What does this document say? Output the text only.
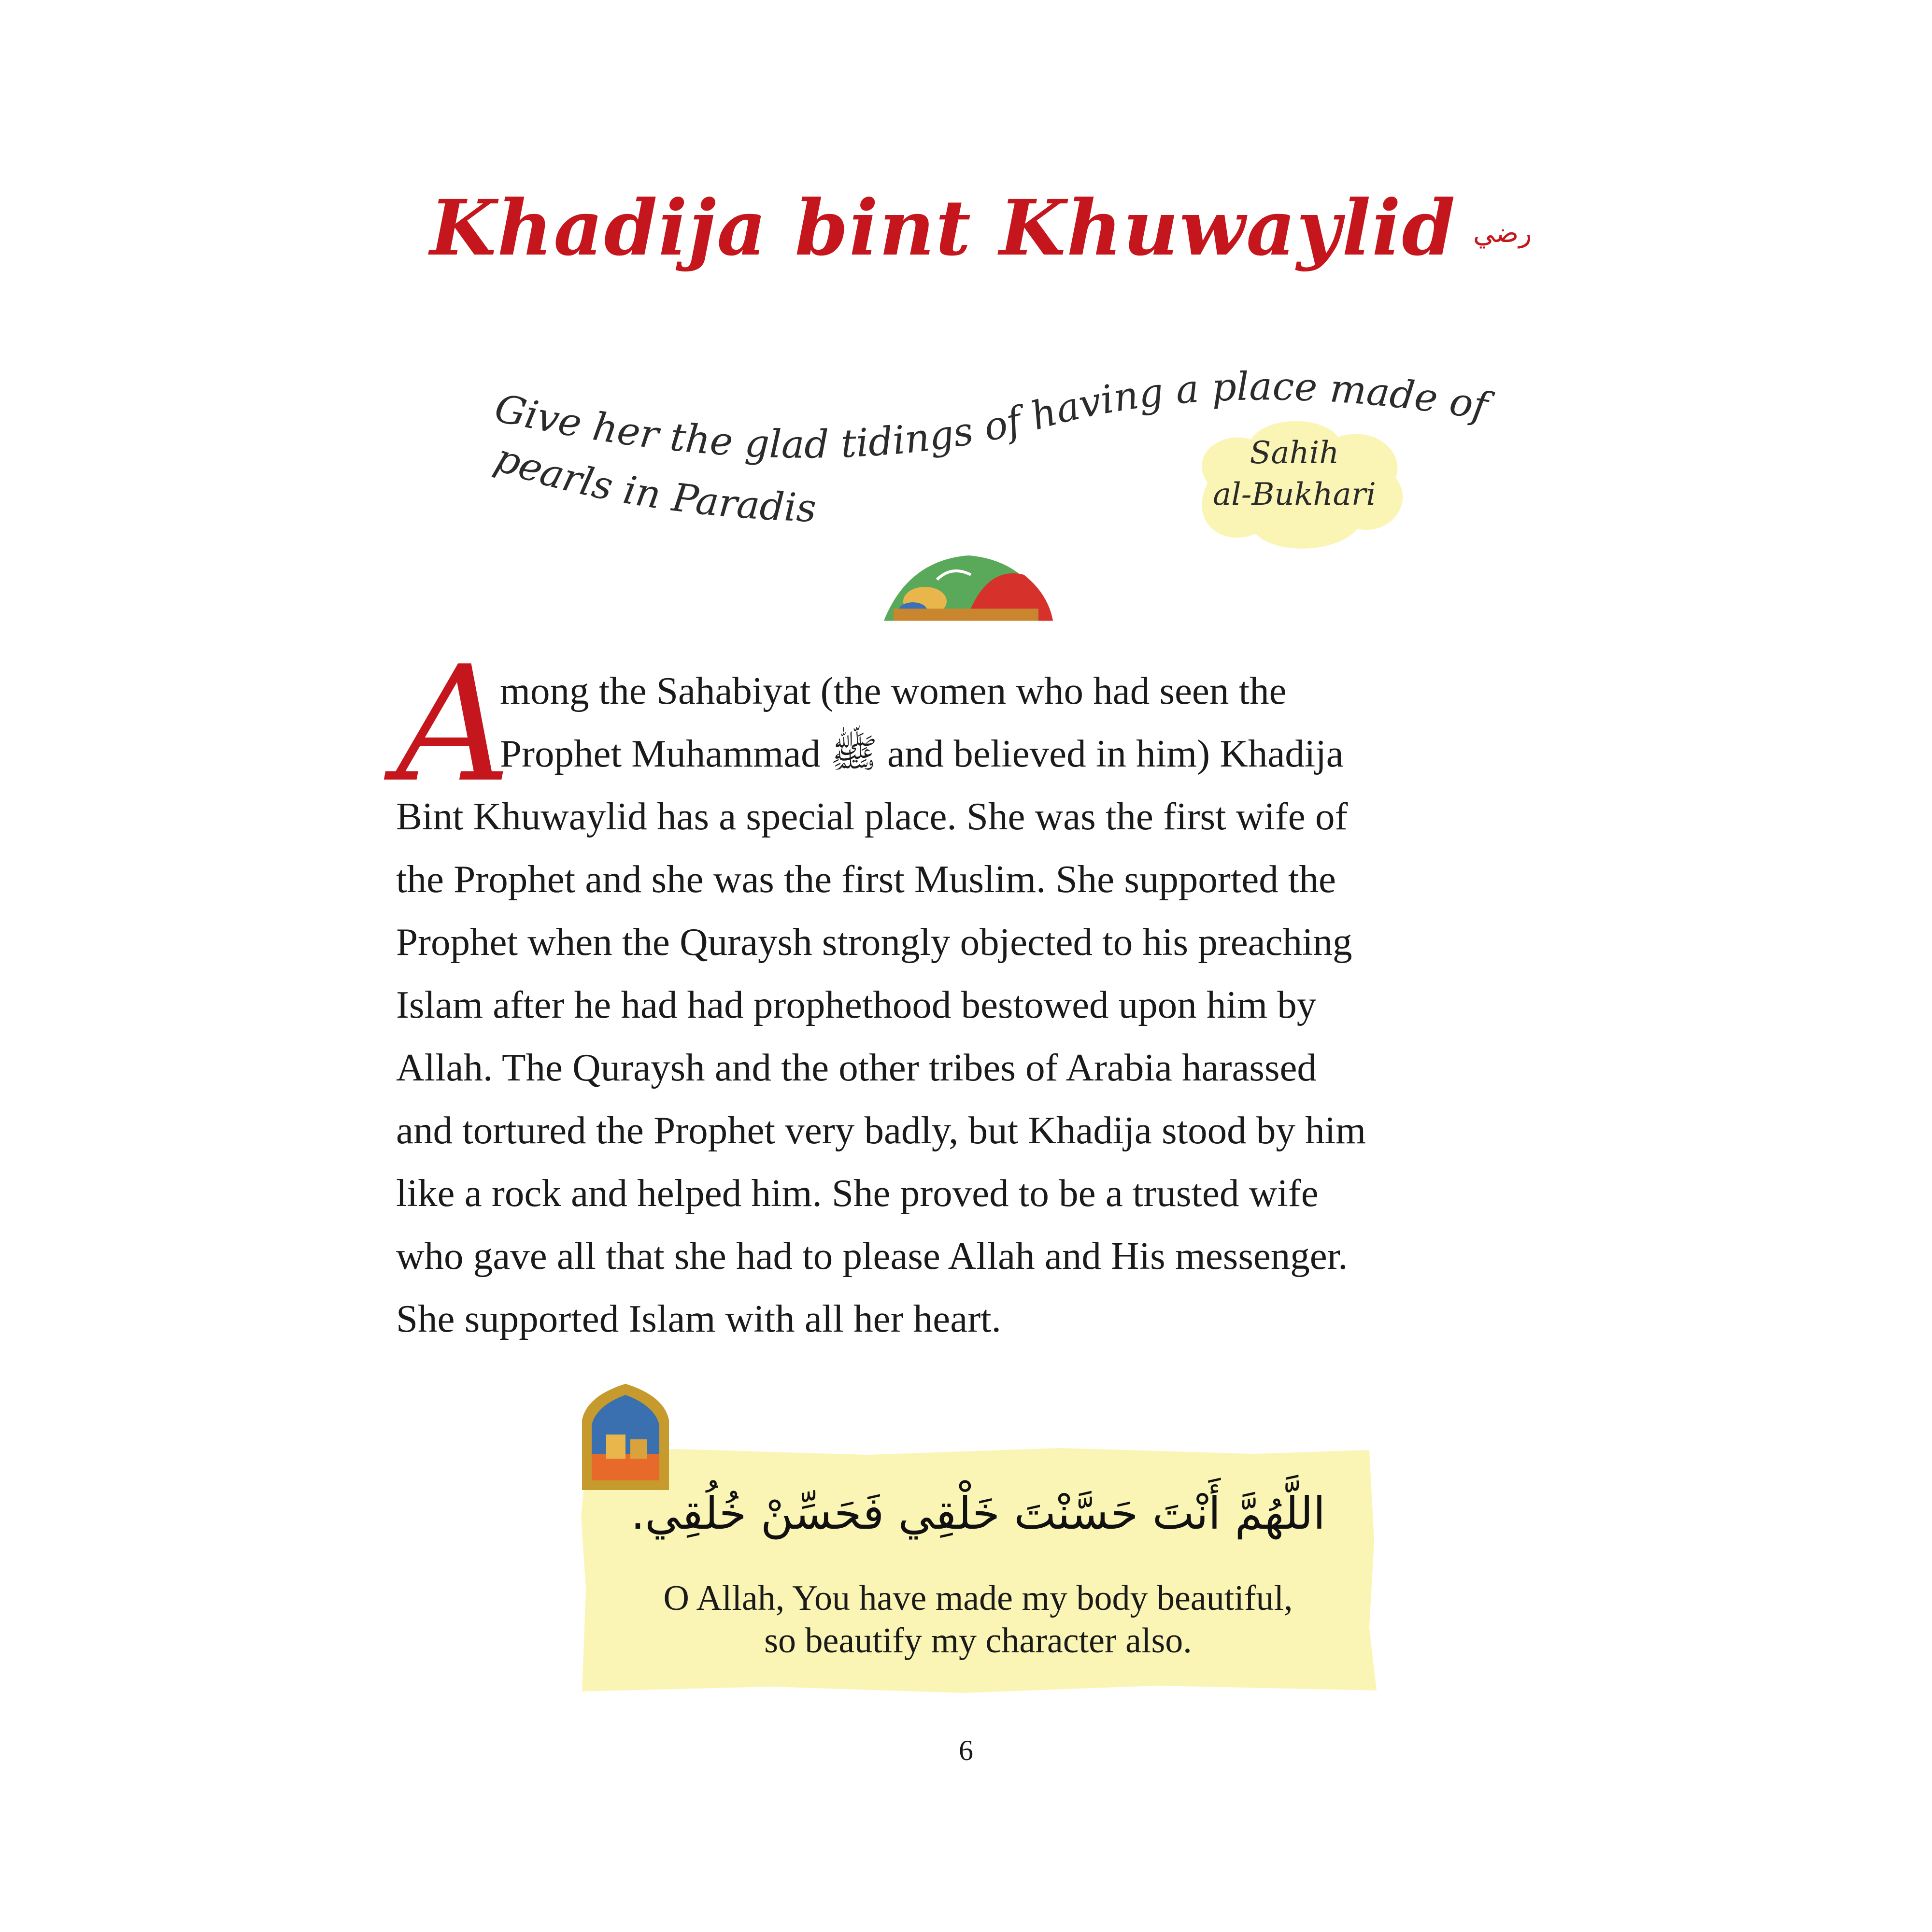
Khadija bint Khuwaylid رضي
Give her the glad tidings of having a place made of
pearls in Paradis
Sahih
al-Bukhari
A
mong the Sahabiyat (the women who had seen the
Prophet Muhammad ﷺ and believed in him) Khadija
Bint Khuwaylid has a special place. She was the first wife of
the Prophet and she was the first Muslim. She supported the
Prophet when the Quraysh strongly objected to his preaching
Islam after he had had prophethood bestowed upon him by
Allah. The Quraysh and the other tribes of Arabia harassed
and tortured the Prophet very badly, but Khadija stood by him
like a rock and helped him. She proved to be a trusted wife
who gave all that she had to please Allah and His messenger.
She supported Islam with all her heart.
اللَّهُمَّ أَنْتَ حَسَّنْتَ خَلْقِي فَحَسِّنْ خُلُقِي.
O Allah, You have made my body beautiful,
so beautify my character also.
6
